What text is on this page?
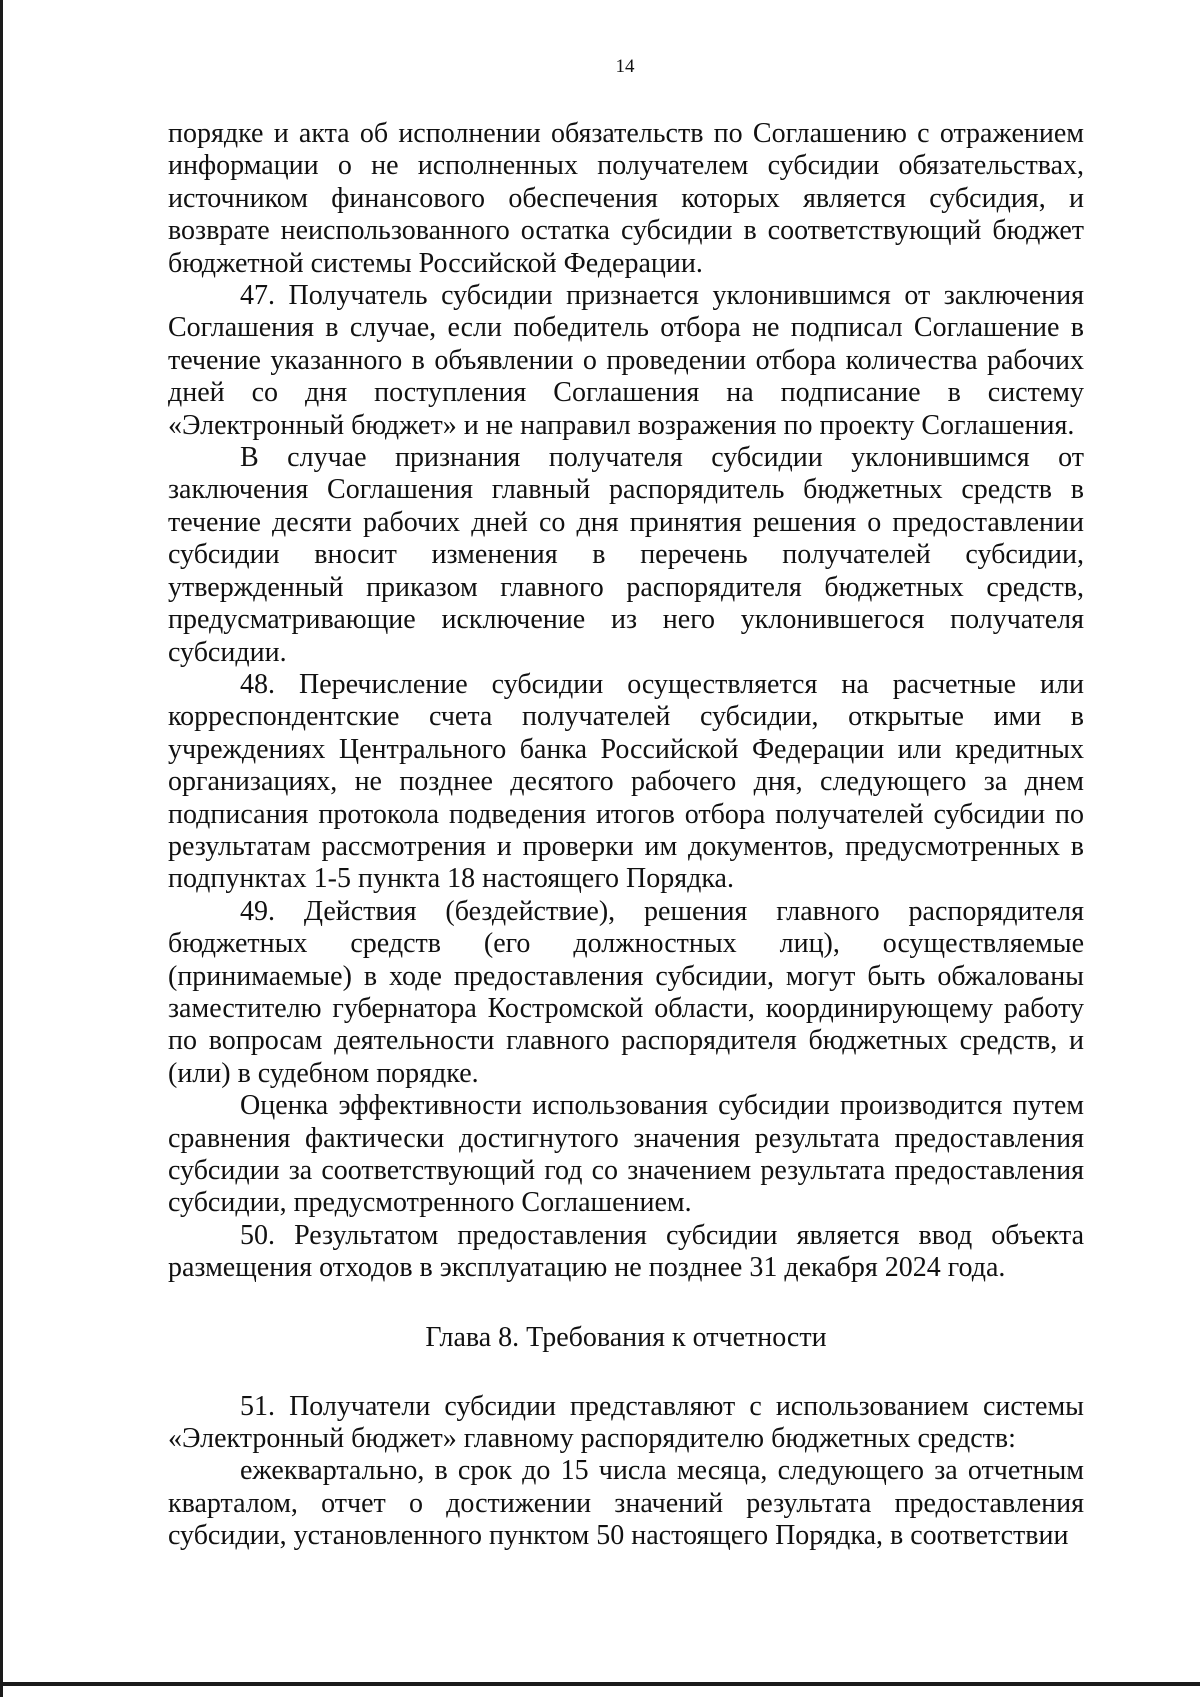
14

порядке и акта об исполнении обязательств по Соглашению с отражением информации о не исполненных получателем субсидии обязательствах, источником финансового обеспечения которых является субсидия, и возврате неиспользованного остатка субсидии в соответствующий бюджет бюджетной системы Российской Федерации.

47. Получатель субсидии признается уклонившимся от заключения Соглашения в случае, если победитель отбора не подписал Соглашение в течение указанного в объявлении о проведении отбора количества рабочих дней со дня поступления Соглашения на подписание в систему «Электронный бюджет» и не направил возражения по проекту Соглашения.

В случае признания получателя субсидии уклонившимся от заключения Соглашения главный распорядитель бюджетных средств в течение десяти рабочих дней со дня принятия решения о предоставлении субсидии вносит изменения в перечень получателей субсидии, утвержденный приказом главного распорядителя бюджетных средств, предусматривающие исключение из него уклонившегося получателя субсидии.

48. Перечисление субсидии осуществляется на расчетные или корреспондентские счета получателей субсидии, открытые ими в учреждениях Центрального банка Российской Федерации или кредитных организациях, не позднее десятого рабочего дня, следующего за днем подписания протокола подведения итогов отбора получателей субсидии по результатам рассмотрения и проверки им документов, предусмотренных в подпунктах 1-5 пункта 18 настоящего Порядка.

49. Действия (бездействие), решения главного распорядителя бюджетных средств (его должностных лиц), осуществляемые (принимаемые) в ходе предоставления субсидии, могут быть обжалованы заместителю губернатора Костромской области, координирующему работу по вопросам деятельности главного распорядителя бюджетных средств, и (или) в судебном порядке.

Оценка эффективности использования субсидии производится путем сравнения фактически достигнутого значения результата предоставления субсидии за соответствующий год со значением результата предоставления субсидии, предусмотренного Соглашением.

50. Результатом предоставления субсидии является ввод объекта размещения отходов в эксплуатацию не позднее 31 декабря 2024 года.

Глава 8. Требования к отчетности

51. Получатели субсидии представляют с использованием системы «Электронный бюджет» главному распорядителю бюджетных средств:

ежеквартально, в срок до 15 числа месяца, следующего за отчетным кварталом, отчет о достижении значений результата предоставления субсидии, установленного пунктом 50 настоящего Порядка, в соответствии
